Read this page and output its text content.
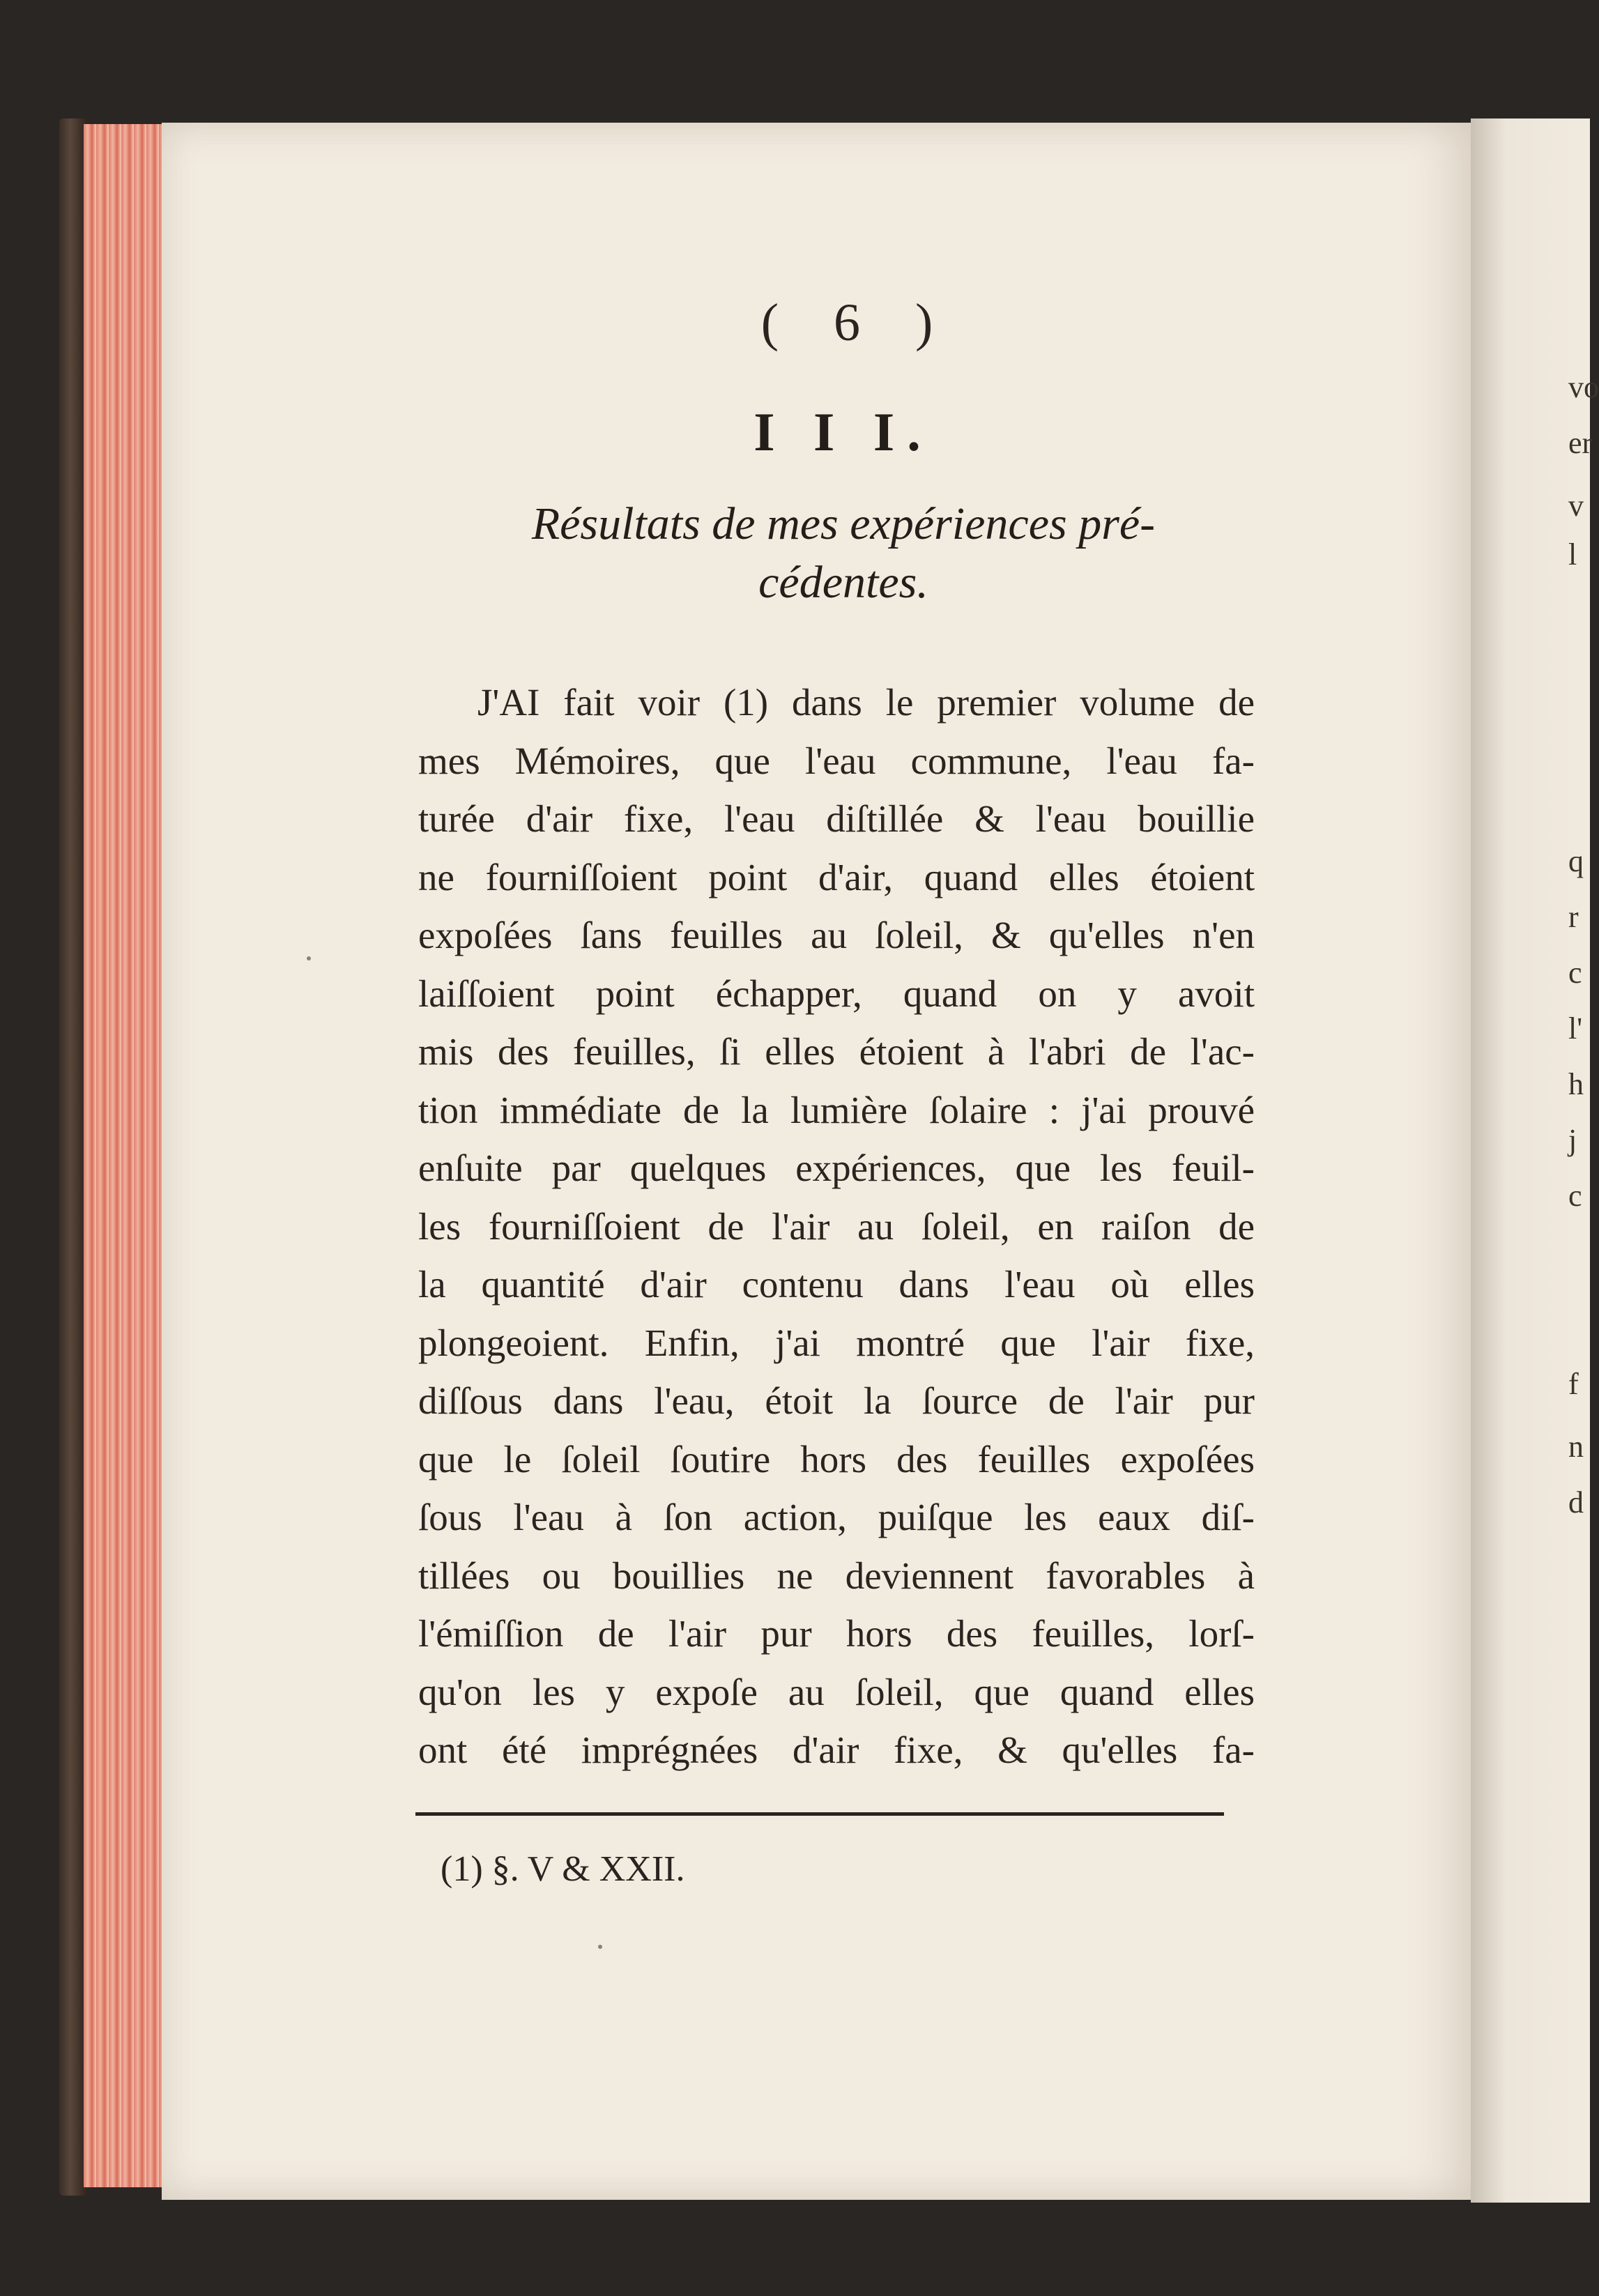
vo
er
v
l
q
r
c
l'
h
j
c
f
n
d
( 6 )
I I I.
Résultats de mes expériences pré-
cédentes.
J'AI fait voir (1) dans le premier volume de
mes Mémoires, que l'eau commune, l'eau fa-
turée d'air fixe, l'eau diſtillée & l'eau bouillie
ne fourniſſoient point d'air, quand elles étoient
expoſées ſans feuilles au ſoleil, & qu'elles n'en
laiſſoient point échapper, quand on y avoit
mis des feuilles, ſi elles étoient à l'abri de l'ac-
tion immédiate de la lumière ſolaire : j'ai prouvé
enſuite par quelques expériences, que les feuil-
les fourniſſoient de l'air au ſoleil, en raiſon de
la quantité d'air contenu dans l'eau où elles
plongeoient. Enfin, j'ai montré que l'air fixe,
diſſous dans l'eau, étoit la ſource de l'air pur
que le ſoleil ſoutire hors des feuilles expoſées
ſous l'eau à ſon action, puiſque les eaux diſ-
tillées ou bouillies ne deviennent favorables à
l'émiſſion de l'air pur hors des feuilles, lorſ-
qu'on les y expoſe au ſoleil, que quand elles
ont été imprégnées d'air fixe, & qu'elles fa-
(1) §. V & XXII.
